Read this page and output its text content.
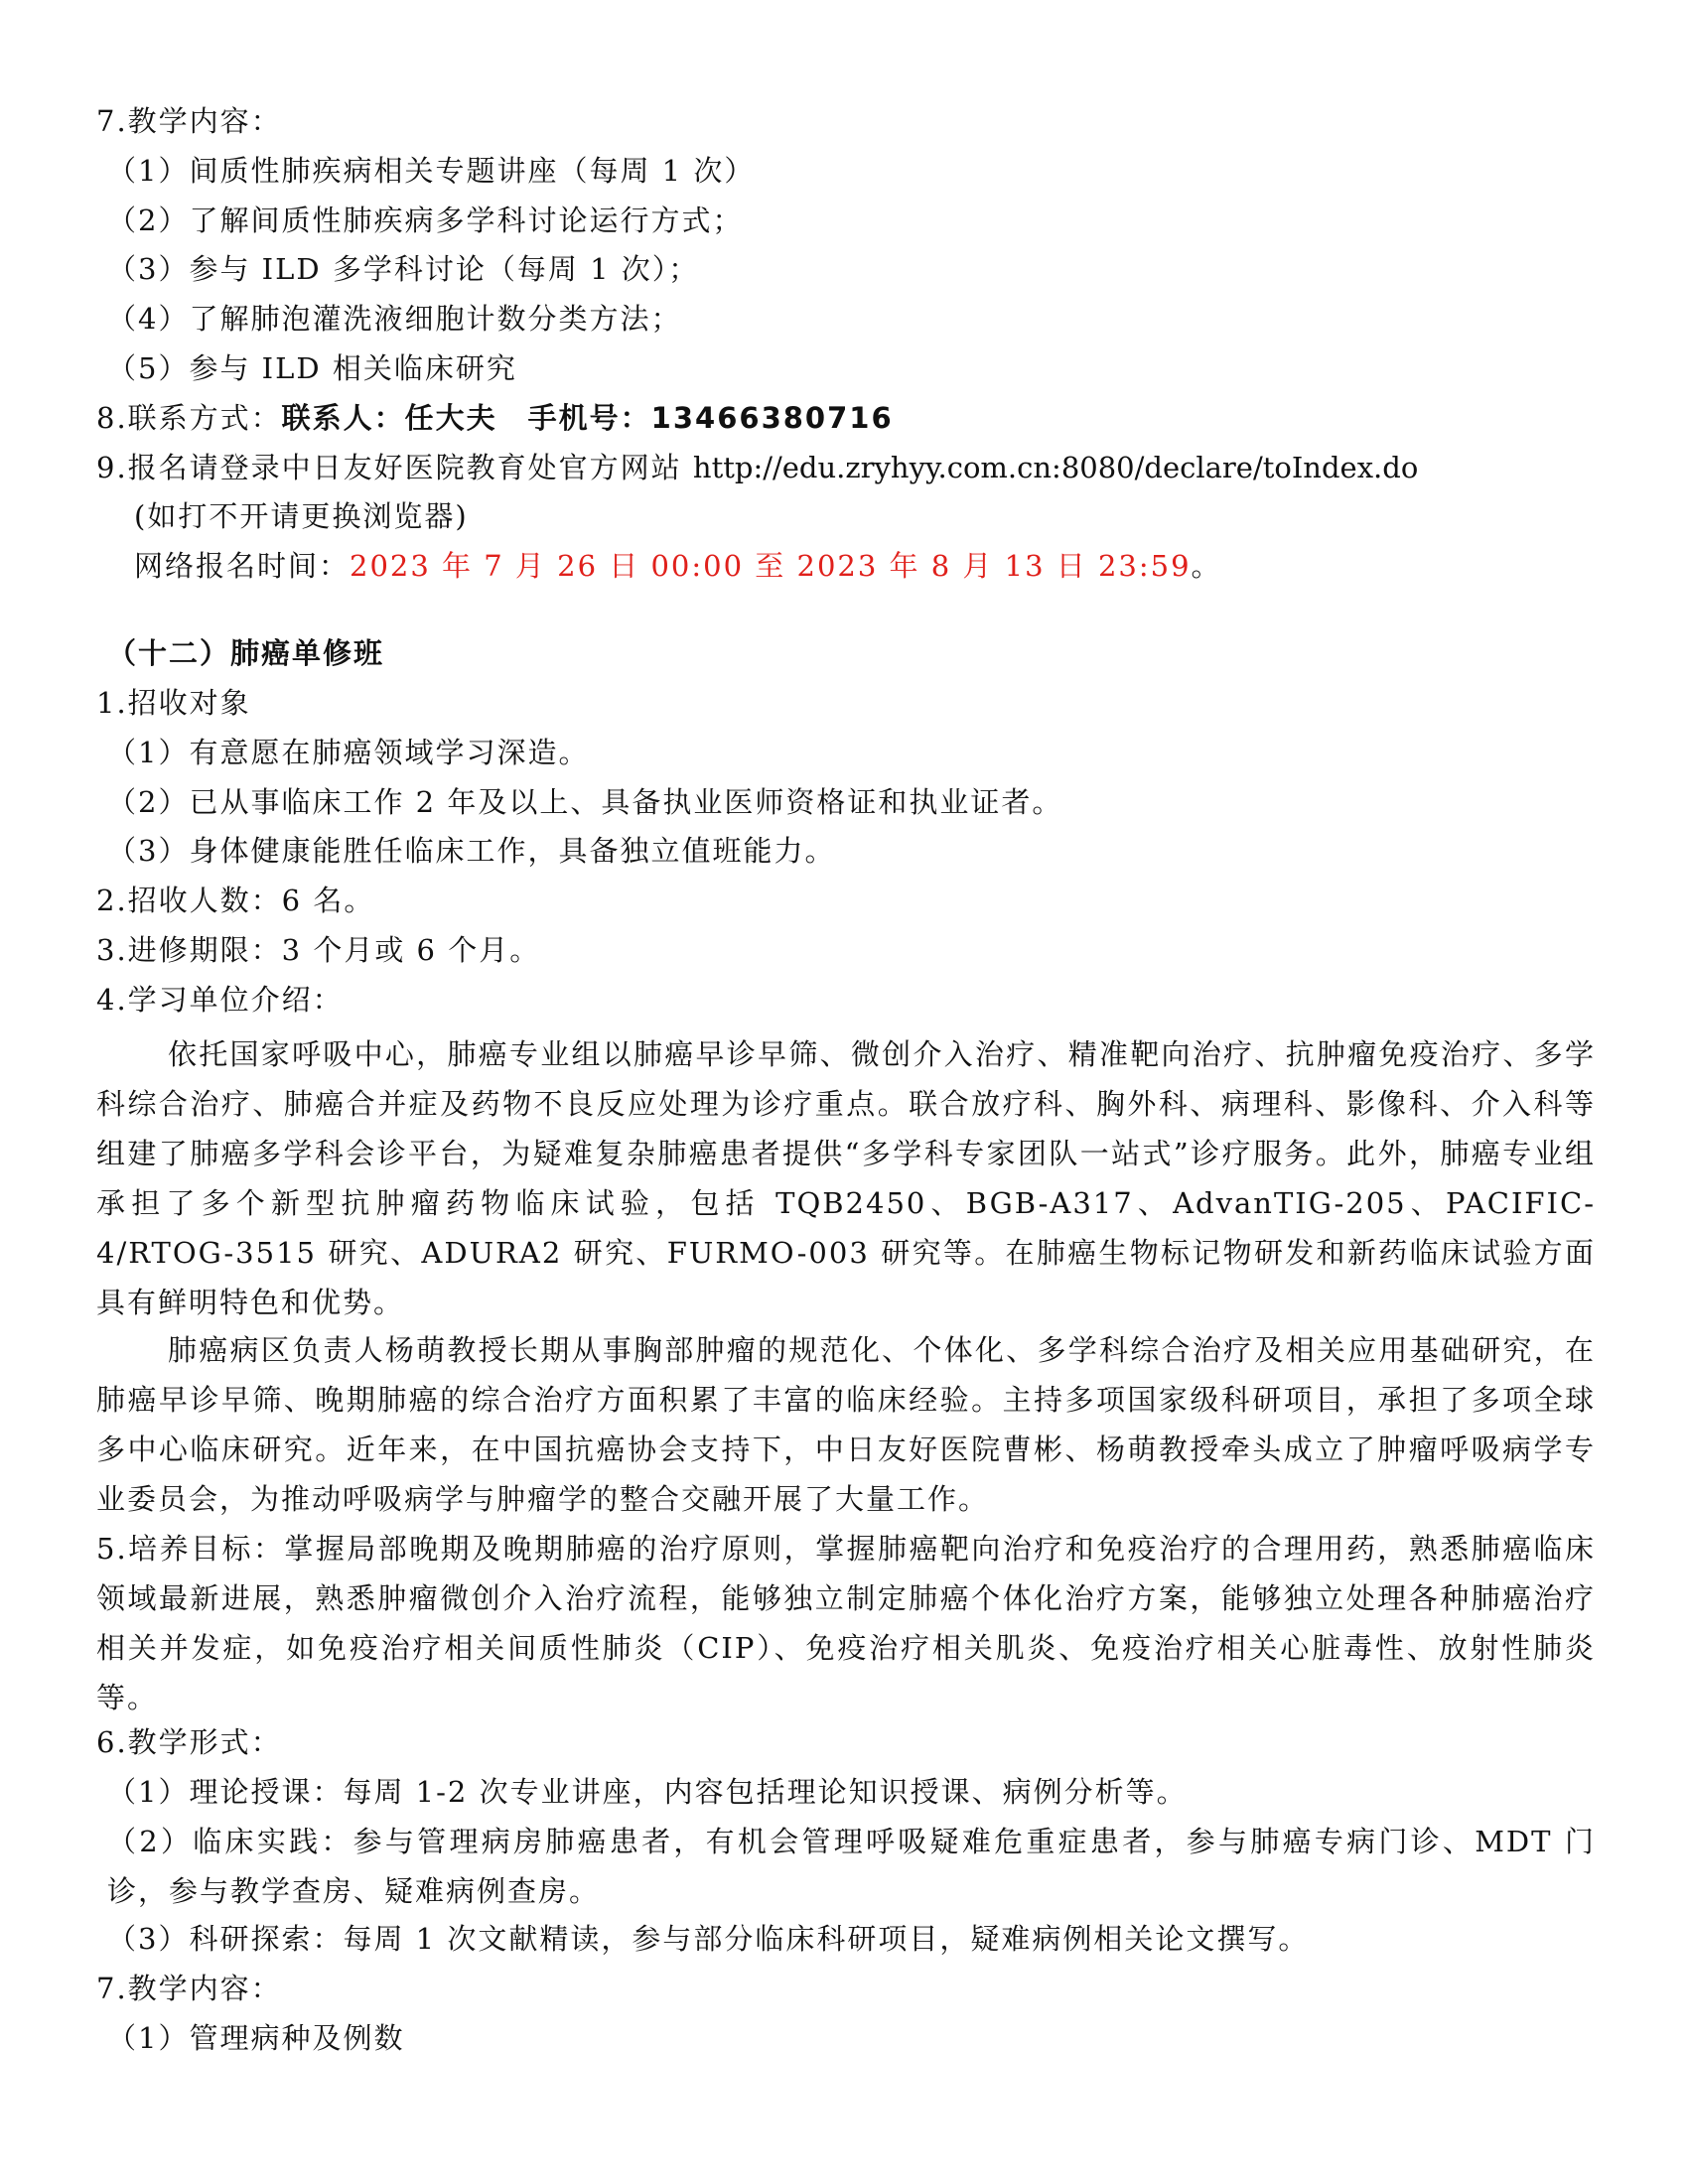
7.教学内容：
（1）间质性肺疾病相关专题讲座（每周 1 次）
（2）了解间质性肺疾病多学科讨论运行方式；
（3）参与 ILD 多学科讨论（每周 1 次）；
（4）了解肺泡灌洗液细胞计数分类方法；
（5）参与 ILD 相关临床研究
8.联系方式：联系人：任大夫　手机号：13466380716
9.报名请登录中日友好医院教育处官方网站 http://edu.zryhyy.com.cn:8080/declare/toIndex.do
(如打不开请更换浏览器)
网络报名时间：2023 年 7 月 26 日 00:00 至 2023 年 8 月 13 日 23:59。
（十二）肺癌单修班
1.招收对象
（1）有意愿在肺癌领域学习深造。
（2）已从事临床工作 2 年及以上、具备执业医师资格证和执业证者。
（3）身体健康能胜任临床工作，具备独立值班能力。
2.招收人数：6 名。
3.进修期限：3 个月或 6 个月。
4.学习单位介绍：

依托国家呼吸中心，肺癌专业组以肺癌早诊早筛、微创介入治疗、精准靶向治疗、抗肿瘤免疫治疗、多学科综合治疗、肺癌合并症及药物不良反应处理为诊疗重点。联合放疗科、胸外科、病理科、影像科、介入科等组建了肺癌多学科会诊平台，为疑难复杂肺癌患者提供“多学科专家团队一站式”诊疗服务。此外，肺癌专业组承担了多个新型抗肿瘤药物临床试验，包括 TQB2450、BGB-A317、AdvanTIG-205、PACIFIC-4/RTOG-3515 研究、ADURA2 研究、FURMO-003 研究等。在肺癌生物标记物研发和新药临床试验方面具有鲜明特色和优势。

肺癌病区负责人杨萌教授长期从事胸部肿瘤的规范化、个体化、多学科综合治疗及相关应用基础研究，在肺癌早诊早筛、晚期肺癌的综合治疗方面积累了丰富的临床经验。主持多项国家级科研项目，承担了多项全球多中心临床研究。近年来，在中国抗癌协会支持下，中日友好医院曹彬、杨萌教授牵头成立了肿瘤呼吸病学专业委员会，为推动呼吸病学与肿瘤学的整合交融开展了大量工作。

5.培养目标：掌握局部晚期及晚期肺癌的治疗原则，掌握肺癌靶向治疗和免疫治疗的合理用药，熟悉肺癌临床领域最新进展，熟悉肿瘤微创介入治疗流程，能够独立制定肺癌个体化治疗方案，能够独立处理各种肺癌治疗相关并发症，如免疫治疗相关间质性肺炎（CIP）、免疫治疗相关肌炎、免疫治疗相关心脏毒性、放射性肺炎等。

6.教学形式：
（1）理论授课：每周 1-2 次专业讲座，内容包括理论知识授课、病例分析等。

（2）临床实践：参与管理病房肺癌患者，有机会管理呼吸疑难危重症患者，参与肺癌专病门诊、MDT 门诊，参与教学查房、疑难病例查房。

（3）科研探索：每周 1 次文献精读，参与部分临床科研项目，疑难病例相关论文撰写。
7.教学内容：
（1）管理病种及例数
